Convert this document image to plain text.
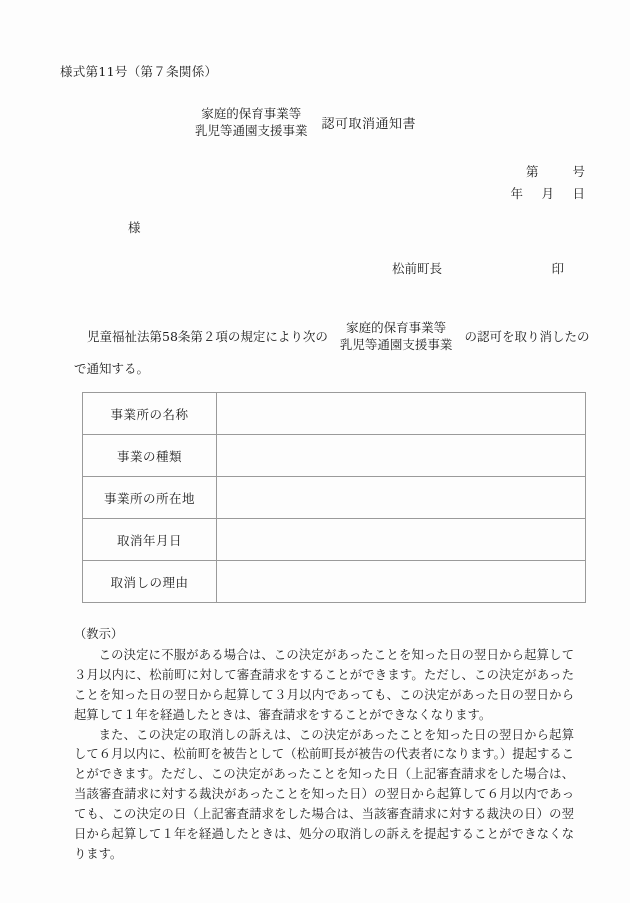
様式第11号（第７条関係）
家庭的保育事業等
乳児等通園支援事業 認可取消通知書
第　　号
年　月　日
様
松前町長	印
児童福祉法第58条第２項の規定により次の
家庭的保育事業等
乳児等通園支援事業 の認可を取り消したの
で通知する。
事業所の名称	
事業の種類	
事業所の所在地	
取消年月日	
取消しの理由	

（教示）

この決定に不服がある場合は、この決定があったことを知った日の翌日から起算して３月以内に、松前町に対して審査請求をすることができます。ただし、この決定があったことを知った日の翌日から起算して３月以内であっても、この決定があった日の翌日から起算して１年を経過したときは、審査請求をすることができなくなります。

また、この決定の取消しの訴えは、この決定があったことを知った日の翌日から起算して６月以内に、松前町を被告として（松前町長が被告の代表者になります。）提起することができます。ただし、この決定があったことを知った日（上記審査請求をした場合は、当該審査請求に対する裁決があったことを知った日）の翌日から起算して６月以内であっても、この決定の日（上記審査請求をした場合は、当該審査請求に対する裁決の日）の翌日から起算して１年を経過したときは、処分の取消しの訴えを提起することができなくなります。
